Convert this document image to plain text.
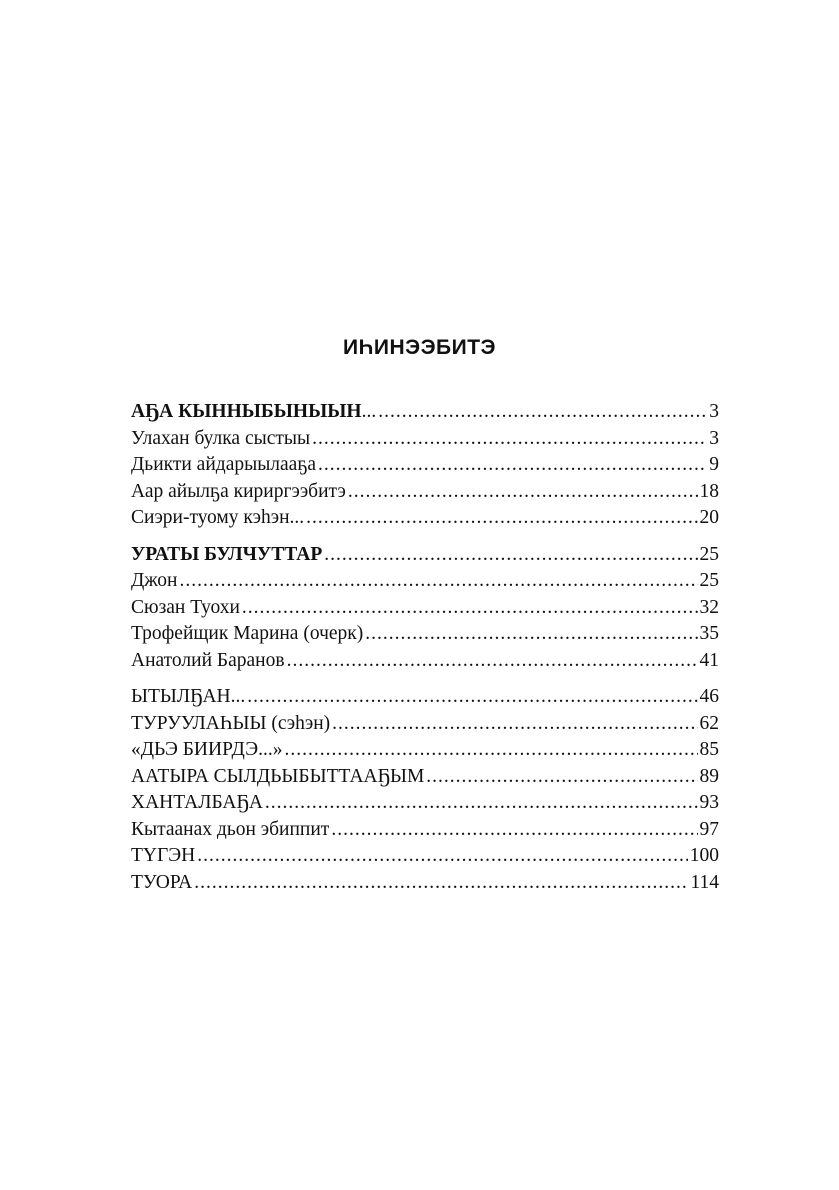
ИҺИНЭЭБИТЭ
АҔА КЫННЫБЫНЫЫН... .....	3
Улахан булка сыстыы .....	3
Дьикти айдарыылааҕа .....	9
Аар айылҕа кириргээбитэ .....	18
Сиэри-туому кэһэн... .....	20
УРАТЫ БУЛЧУТТАР .....	25
Джон .....	25
Сюзан Туохи .....	32
Трофейщик Марина (очерк) .....	35
Анатолий Баранов .....	41
ЫТЫЛҔАН... .....	46
ТУРУУЛАҺЫЫ (сэһэн) .....	62
«ДЬЭ БИИРДЭ...» .....	85
ААТЫРА СЫЛДЬЫБЫТТААҔЫМ .....	89
ХАНТАЛБАҔА .....	93
Кытаанах дьон эбиппит .....	97
ТҮГЭН .....	100
ТУОРА .....	114
